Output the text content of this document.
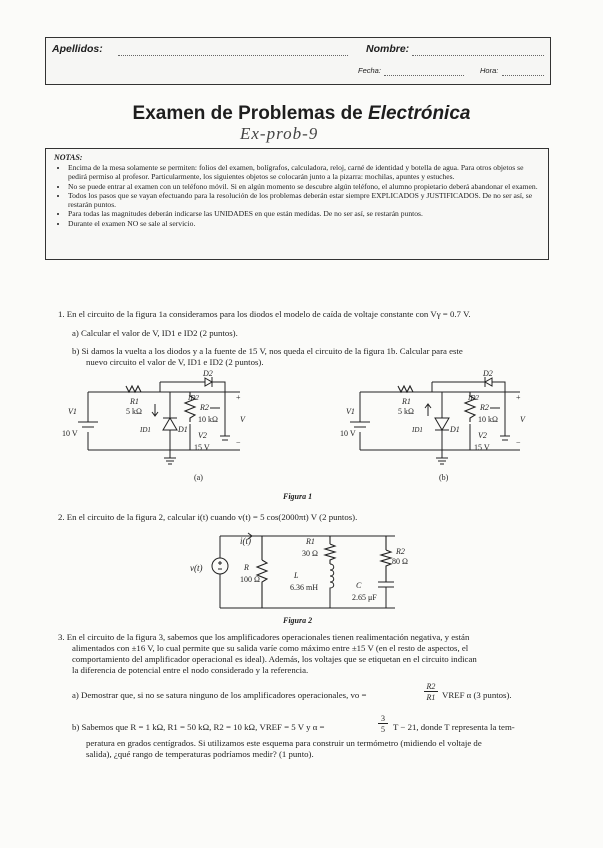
Apellidos:	Nombre:
Fecha:	Hora:
Examen de Problemas de Electrónica
Ex-prob-9
NOTAS:
• Encima de la mesa solamente se permiten: folios del examen, bolígrafos, calculadora, reloj, carné de identidad y botella de agua. Para otros objetos se pedirá permiso al profesor. Particularmente, los siguientes objetos se colocarán junto a la pizarra: mochilas, apuntes y estuches.
• No se puede entrar al examen con un teléfono móvil. Si en algún momento se descubre algún teléfono, el alumno propietario deberá abandonar el examen.
• Todos los pasos que se vayan efectuando para la resolución de los problemas deberán estar siempre EXPLICADOS y JUSTIFICADOS. De no ser así, se restarán puntos.
• Para todas las magnitudes deberán indicarse las UNIDADES en que están medidas. De no ser así, se restarán puntos.
• Durante el examen NO se sale al servicio.
1. En el circuito de la figura 1a consideramos para los diodos el modelo de caída de voltaje constante con Vγ = 0.7 V.
a) Calcular el valor de V, ID1 e ID2 (2 puntos).
b) Si damos la vuelta a los diodos y a la fuente de 15 V, nos queda el circuito de la figura 1b. Calcular para este
nuevo circuito el valor de V, ID1 e ID2 (2 puntos).
V1
10 V
R1
5 kΩ
D2
ID2
R2
10 kΩ
ID1	D1
V2
15 V
+
V
−
(a)
V1
10 V
R1
5 kΩ
D2
ID2
R2
10 kΩ
ID1	D1
V2
15 V
+
V
−
(b)
Figura 1
2. En el circuito de la figura 2, calcular i(t) cuando v(t) = 5 cos(2000πt) V (2 puntos).
i(t)
v(t)	R
100 Ω
R1
30 Ω
L
6.36 mH
R2
80 Ω
C
2.65 μF
Figura 2
3. En el circuito de la figura 3, sabemos que los amplificadores operacionales tienen realimentación negativa, y están
alimentados con ±16 V, lo cual permite que su salida varíe como máximo entre ±15 V (en el resto de aspectos, el
comportamiento del amplificador operacional es ideal). Además, los voltajes que se etiquetan en el circuito indican
la diferencia de potencial entre el nodo considerado y la referencia.
a) Demostrar que, si no se satura ninguno de los amplificadores operacionales, vo =
R2
R1 VREF α (3 puntos).
b) Sabemos que R = 1 kΩ, R1 = 50 kΩ, R2 = 10 kΩ, VREF = 5 V y α =
3
5 T − 21, donde T representa la tem-
peratura en grados centígrados. Si utilizamos este esquema para construir un termómetro (midiendo el voltaje de
salida), ¿qué rango de temperaturas podríamos medir? (1 punto).
